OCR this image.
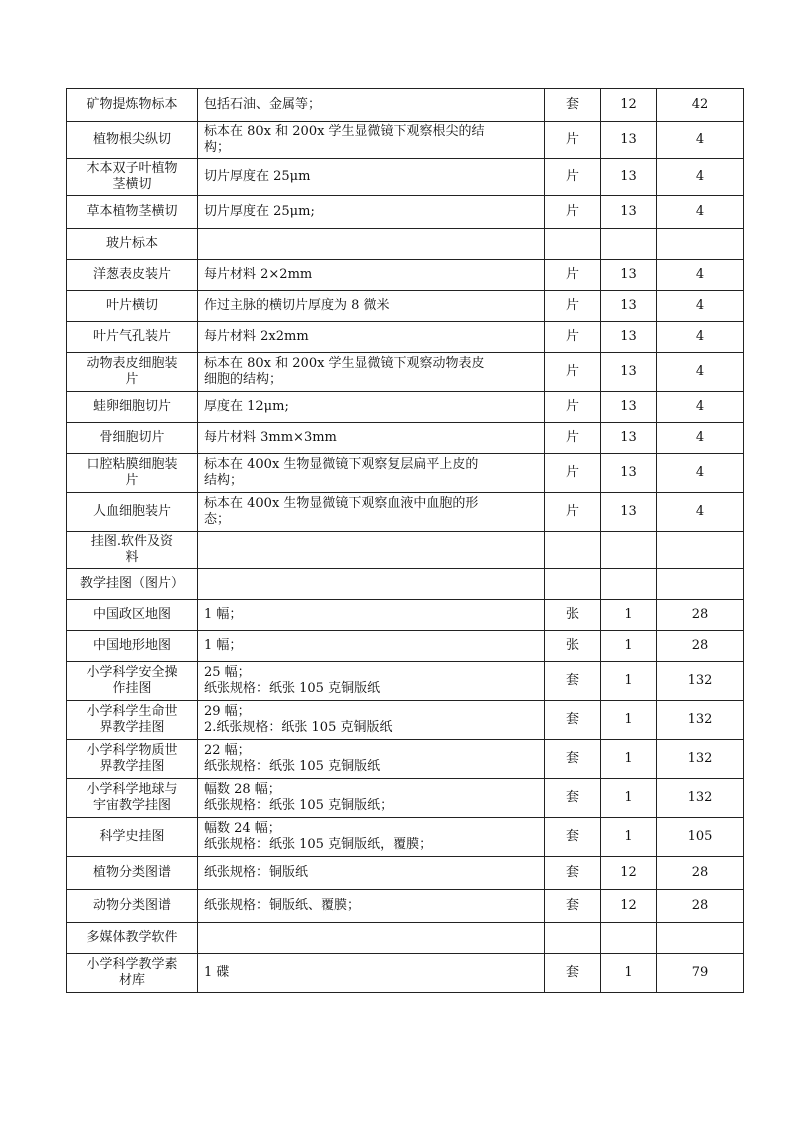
矿物提炼物标本	包括石油、金属等；	套	12	42

植物根尖纵切	标本在 80x 和 200x 学生显微镜下观察根尖的结
构；	片	13	4

木本双子叶植物
茎横切	切片厚度在 25μm	片	13	4

草本植物茎横切	切片厚度在 25μm;	片	13	4

玻片标本				

洋葱表皮装片	每片材料 2×2mm	片	13	4

叶片横切	作过主脉的横切片厚度为 8 微米	片	13	4

叶片气孔装片	每片材料 2x2mm	片	13	4

动物表皮细胞装
片	标本在 80x 和 200x 学生显微镜下观察动物表皮
细胞的结构；	片	13	4

蛙卵细胞切片	厚度在 12μm;	片	13	4

骨细胞切片	每片材料 3mm×3mm	片	13	4

口腔粘膜细胞装
片	标本在 400x 生物显微镜下观察复层扁平上皮的
结构；	片	13	4

人血细胞装片	标本在 400x 生物显微镜下观察血液中血胞的形
态；	片	13	4

挂图.软件及资
料				

教学挂图（图片）				

中国政区地图	1 幅；	张	1	28

中国地形地图	1 幅；	张	1	28

小学科学安全操
作挂图	25 幅；
纸张规格：纸张 105 克铜版纸	套	1	132

小学科学生命世
界教学挂图	29 幅；
2.纸张规格：纸张 105 克铜版纸	套	1	132

小学科学物质世
界教学挂图	22 幅；
纸张规格：纸张 105 克铜版纸	套	1	132

小学科学地球与
宇宙教学挂图	幅数 28 幅；
纸张规格：纸张 105 克铜版纸；	套	1	132

科学史挂图	幅数 24 幅；
纸张规格：纸张 105 克铜版纸，覆膜；	套	1	105

植物分类图谱	纸张规格：铜版纸	套	12	28

动物分类图谱	纸张规格：铜版纸、覆膜；	套	12	28

多媒体教学软件				

小学科学教学素
材库	1 碟	套	1	79
